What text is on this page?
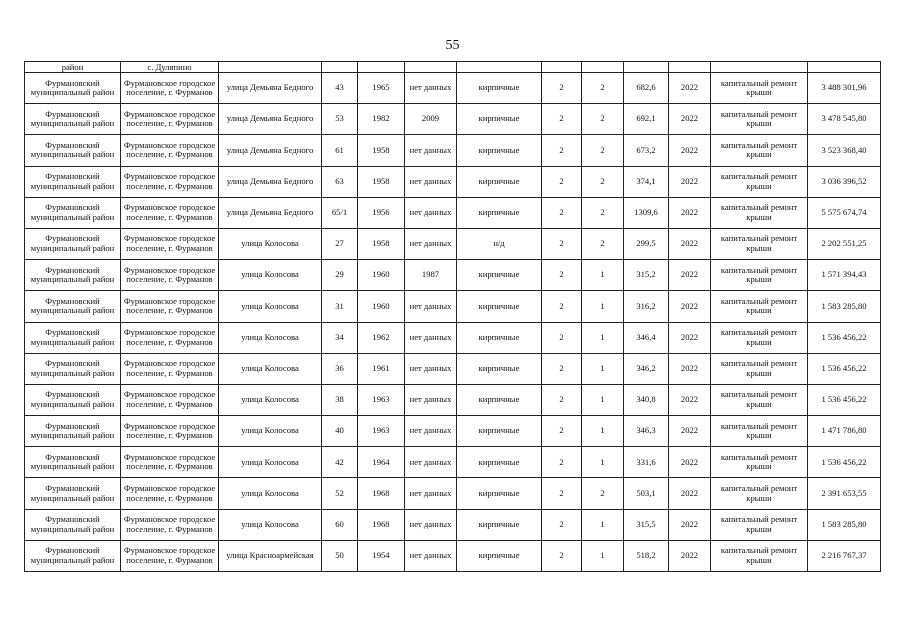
55
район	с. Дуляпино											
Фурмановский муниципальный район	Фурмановское городское поселение, г. Фурманов	улица Демьяна Бедного	43	1965	нет данных	кирпичные	2	2	682,6	2022	капитальный ремонт крыши	3 488 301,96
Фурмановский муниципальный район	Фурмановское городское поселение, г. Фурманов	улица Демьяна Бедного	53	1982	2009	кирпичные	2	2	692,1	2022	капитальный ремонт крыши	3 478 545,80
Фурмановский муниципальный район	Фурмановское городское поселение, г. Фурманов	улица Демьяна Бедного	61	1958	нет данных	кирпичные	2	2	673,2	2022	капитальный ремонт крыши	3 523 368,40
Фурмановский муниципальный район	Фурмановское городское поселение, г. Фурманов	улица Демьяна Бедного	63	1958	нет данных	кирпичные	2	2	374,1	2022	капитальный ремонт крыши	3 036 396,52
Фурмановский муниципальный район	Фурмановское городское поселение, г. Фурманов	улица Демьяна Бедного	65/1	1956	нет данных	кирпичные	2	2	1309,6	2022	капитальный ремонт крыши	5 575 674,74
Фурмановский муниципальный район	Фурмановское городское поселение, г. Фурманов	улица Колосова	27	1958	нет данных	н/д	2	2	299,5	2022	капитальный ремонт крыши	2 202 551,25
Фурмановский муниципальный район	Фурмановское городское поселение, г. Фурманов	улица Колосова	29	1960	1987	кирпичные	2	1	315,2	2022	капитальный ремонт крыши	1 571 394,43
Фурмановский муниципальный район	Фурмановское городское поселение, г. Фурманов	улица Колосова	31	1960	нет данных	кирпичные	2	1	316,2	2022	капитальный ремонт крыши	1 583 285,80
Фурмановский муниципальный район	Фурмановское городское поселение, г. Фурманов	улица Колосова	34	1962	нет данных	кирпичные	2	1	346,4	2022	капитальный ремонт крыши	1 536 456,22
Фурмановский муниципальный район	Фурмановское городское поселение, г. Фурманов	улица Колосова	36	1961	нет данных	кирпичные	2	1	346,2	2022	капитальный ремонт крыши	1 536 456,22
Фурмановский муниципальный район	Фурмановское городское поселение, г. Фурманов	улица Колосова	38	1963	нет данных	кирпичные	2	1	340,8	2022	капитальный ремонт крыши	1 536 456,22
Фурмановский муниципальный район	Фурмановское городское поселение, г. Фурманов	улица Колосова	40	1963	нет данных	кирпичные	2	1	346,3	2022	капитальный ремонт крыши	1 471 786,80
Фурмановский муниципальный район	Фурмановское городское поселение, г. Фурманов	улица Колосова	42	1964	нет данных	кирпичные	2	1	331,6	2022	капитальный ремонт крыши	1 536 456,22
Фурмановский муниципальный район	Фурмановское городское поселение, г. Фурманов	улица Колосова	52	1968	нет данных	кирпичные	2	2	503,1	2022	капитальный ремонт крыши	2 391 653,55
Фурмановский муниципальный район	Фурмановское городское поселение, г. Фурманов	улица Колосова	60	1968	нет данных	кирпичные	2	1	315,5	2022	капитальный ремонт крыши	1 583 285,80
Фурмановский муниципальный район	Фурмановское городское поселение, г. Фурманов	улица Красноармейская	50	1954	нет данных	кирпичные	2	1	518,2	2022	капитальный ремонт крыши	2 216 767,37
